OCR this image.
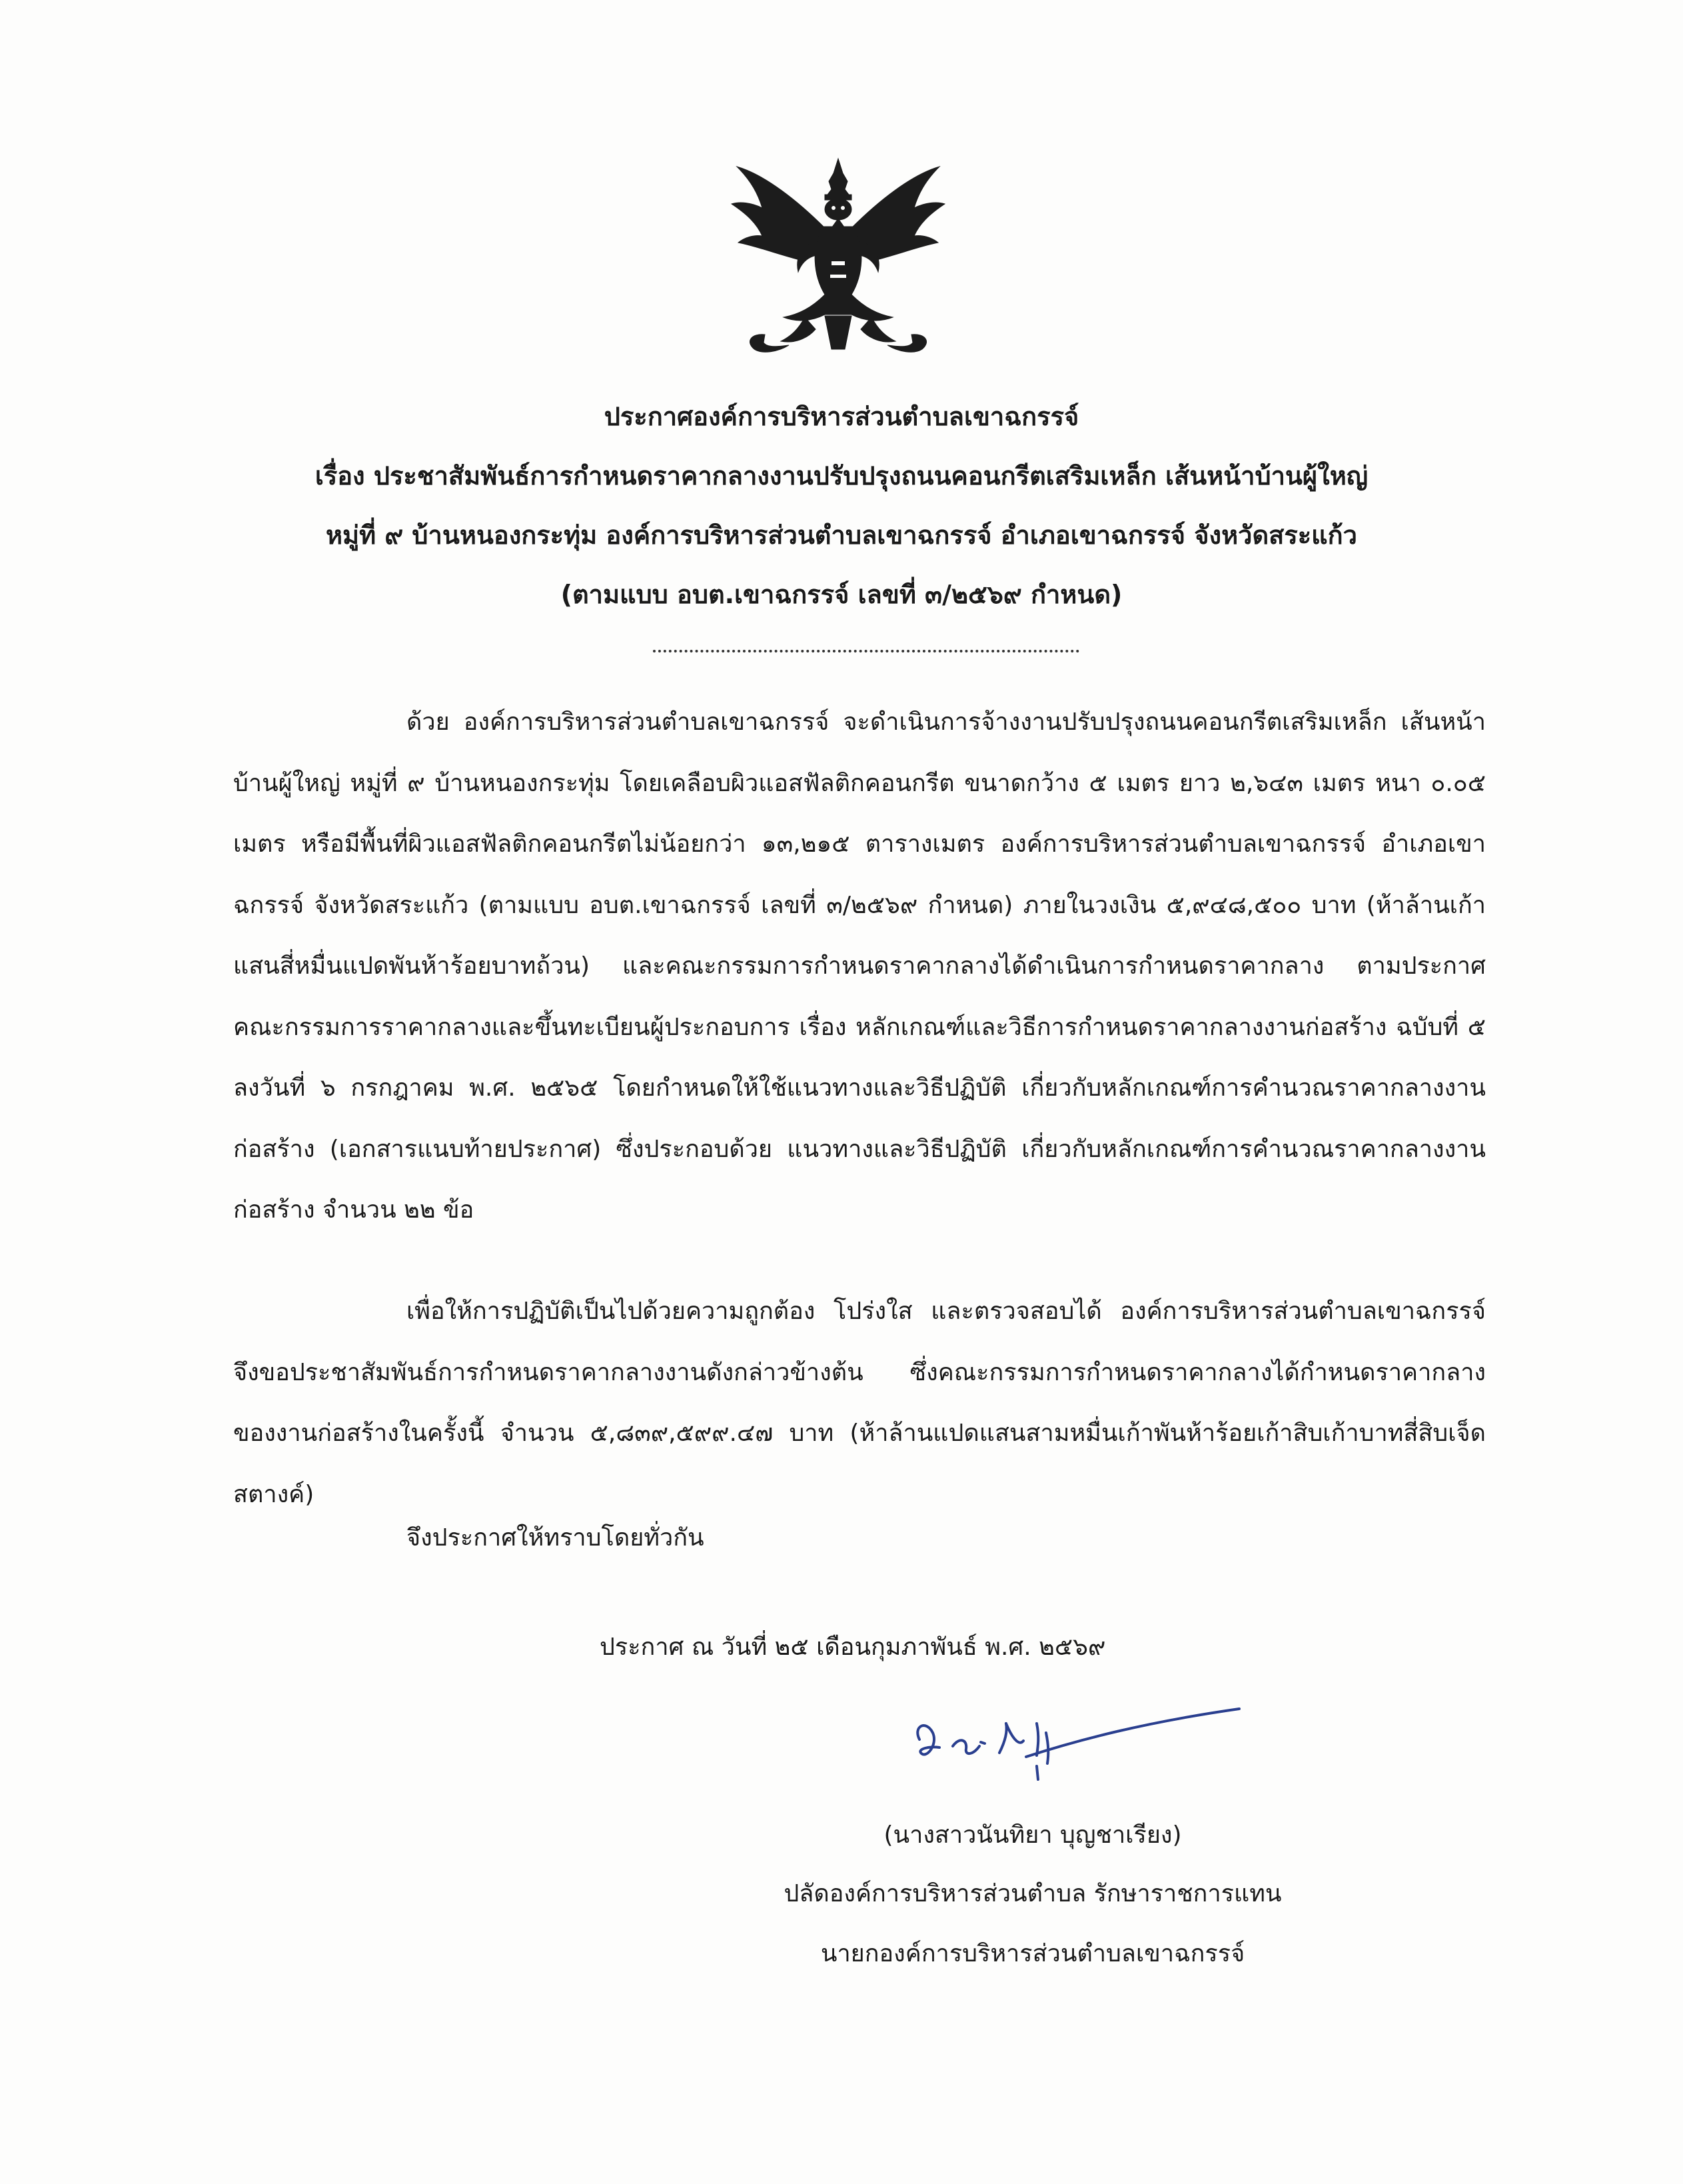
ประกาศองค์การบริหารส่วนตำบลเขาฉกรรจ์
เรื่อง ประชาสัมพันธ์การกำหนดราคากลางงานปรับปรุงถนนคอนกรีตเสริมเหล็ก เส้นหน้าบ้านผู้ใหญ่
หมู่ที่ ๙ บ้านหนองกระทุ่ม องค์การบริหารส่วนตำบลเขาฉกรรจ์ อำเภอเขาฉกรรจ์ จังหวัดสระแก้ว
(ตามแบบ อบต.เขาฉกรรจ์ เลขที่ ๓/๒๕๖๙ กำหนด)

ด้วย องค์การบริหารส่วนตำบลเขาฉกรรจ์ จะดำเนินการจ้างงานปรับปรุงถนนคอนกรีตเสริมเหล็ก เส้นหน้าบ้านผู้ใหญ่ หมู่ที่ ๙ บ้านหนองกระทุ่ม โดยเคลือบผิวแอสฟัลติกคอนกรีต ขนาดกว้าง ๕ เมตร ยาว ๒,๖๔๓ เมตร หนา ๐.๐๕ เมตร หรือมีพื้นที่ผิวแอสฟัลติกคอนกรีตไม่น้อยกว่า ๑๓,๒๑๕ ตารางเมตร องค์การบริหารส่วนตำบลเขาฉกรรจ์ อำเภอเขาฉกรรจ์ จังหวัดสระแก้ว (ตามแบบ อบต.เขาฉกรรจ์ เลขที่ ๓/๒๕๖๙ กำหนด) ภายในวงเงิน ๕,๙๔๘,๕๐๐ บาท (ห้าล้านเก้าแสนสี่หมื่นแปดพันห้าร้อยบาทถ้วน) และคณะกรรมการกำหนดราคากลางได้ดำเนินการกำหนดราคากลาง ตามประกาศคณะกรรมการราคากลางและขึ้นทะเบียนผู้ประกอบการ เรื่อง หลักเกณฑ์และวิธีการกำหนดราคากลางงานก่อสร้าง ฉบับที่ ๕ ลงวันที่ ๖ กรกฎาคม พ.ศ. ๒๕๖๕ โดยกำหนดให้ใช้แนวทางและวิธีปฏิบัติ เกี่ยวกับหลักเกณฑ์การคำนวณราคากลางงานก่อสร้าง (เอกสารแนบท้ายประกาศ) ซึ่งประกอบด้วย แนวทางและวิธีปฏิบัติ เกี่ยวกับหลักเกณฑ์การคำนวณราคากลางงานก่อสร้าง จำนวน ๒๒ ข้อ

เพื่อให้การปฏิบัติเป็นไปด้วยความถูกต้อง โปร่งใส และตรวจสอบได้ องค์การบริหารส่วนตำบลเขาฉกรรจ์ จึงขอประชาสัมพันธ์การกำหนดราคากลางงานดังกล่าวข้างต้น ซึ่งคณะกรรมการกำหนดราคากลางได้กำหนดราคากลางของงานก่อสร้างในครั้งนี้ จำนวน ๕,๘๓๙,๕๙๙.๔๗ บาท (ห้าล้านแปดแสนสามหมื่นเก้าพันห้าร้อยเก้าสิบเก้าบาทสี่สิบเจ็ดสตางค์)

จึงประกาศให้ทราบโดยทั่วกัน
ประกาศ ณ วันที่ ๒๕ เดือนกุมภาพันธ์ พ.ศ. ๒๕๖๙
(นางสาวนันทิยา บุญชาเรียง)
ปลัดองค์การบริหารส่วนตำบล รักษาราชการแทน
นายกองค์การบริหารส่วนตำบลเขาฉกรรจ์
